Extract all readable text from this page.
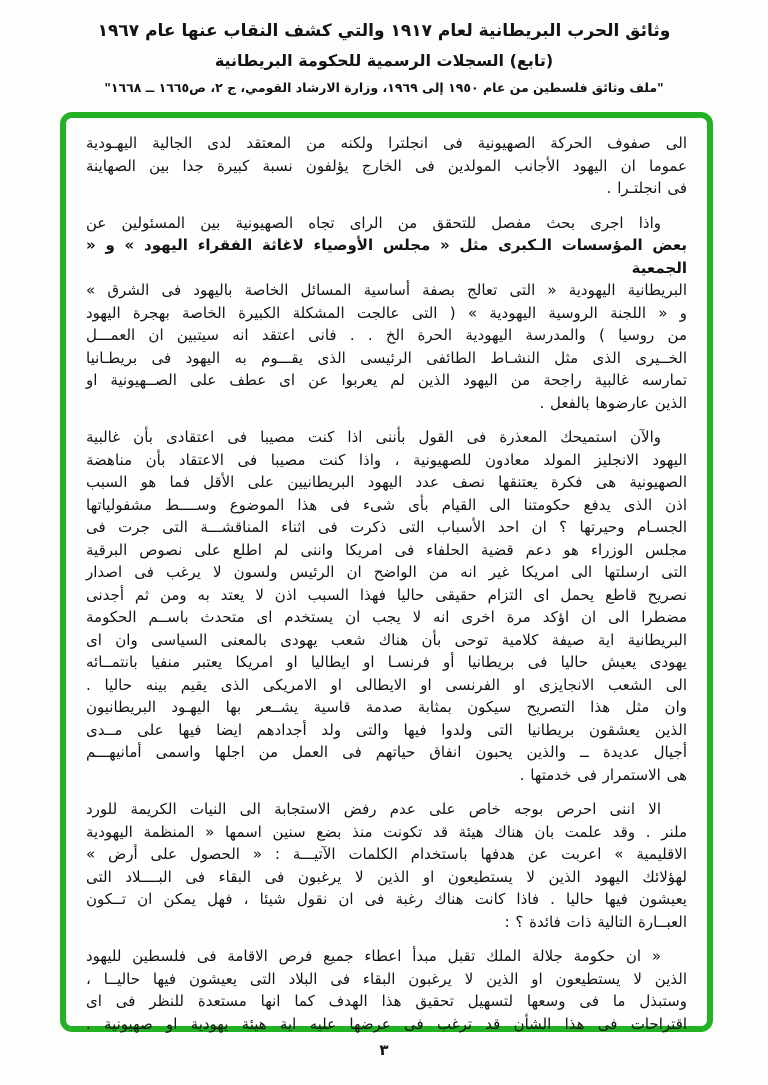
وثائق الحرب البريطانية لعام ١٩١٧ والتي كشف النقاب عنها عام ١٩٦٧
(تابع) السجلات الرسمية للحكومة البريطانية
"ملف وثائق فلسطين من عام ١٩٥٠ إلى ١٩٦٩، وزارة الارشاد القومي، ج ٢، ص١٦٦٥ ــ ١٦٦٨"
الى صفوف الحركة الصهيونية فى انجلترا ولكنه من المعتقد لدى الجالية اليهـودية
عموما ان اليهود الأجانب المولدين فى الخارج يؤلفون نسبة كبيرة جدا بين الصهاينة
فى انجلتـرا .
واذا اجرى بحث مفصل للتحقق من الراى تجاه الصهيونية بين المسئولين عن
بعض المؤسسات الـكبرى مثل « مجلس الأوصياء لاغاثة الفقراء اليهود » و « الجمعية
البريطانية اليهودية « التى تعالج بصفة أساسية المسائل الخاصة باليهود فى الشرق »
و « اللجنة الروسية اليهودية » ( التى عالجت المشكلة الكبيرة الخاصة بهجرة اليهود
من روسيا ) والمدرسة اليهودية الحرة الخ . . فانى اعتقد انه سيتبين ان العمـــل
الخــيرى الذى مثل النشـاط الطائفى الرئيسى الذى يقـــوم به اليهود فى بريطـانيا
تمارسه غالبية راجحة من اليهود الذين لم يعربوا عن اى عطف على الصــهيونية او
الذين عارضوها بالفعل .
والآن استميحك المعذرة فى القول بأننى اذا كنت مصيبا فى اعتقادى بأن غالبية
اليهود الانجليز المولد معادون للصهيونية ، واذا كنت مصيبا فى الاعتقاد بأن مناهضة
الصهيونية هى فكرة يعتنقها نصف عدد اليهود البريطانيين على الأقل فما هو السبب
اذن الذى يدفع حكومتنا الى القيام بأى شىء فى هذا الموضوع وســــط مشفولياتها
الجسـام وحيرتها ؟ ان احد الأسباب التى ذكرت فى اثناء المناقشـــة التى جرت فى
مجلس الوزراء هو دعم قضية الحلفاء فى امريكا واننى لم اطلع على نصوص البرقية
التى ارسلتها الى امريكا غير انه من الواضح ان الرئيس ولسون لا يرغب فى اصدار
نصريح قاطع يحمل اى التزام حقيقى حاليا فهذا السبب اذن لا يعتد به ومن ثم أجدنى
مضطرا الى ان اؤكد مرة اخرى انه لا يجب ان يستخدم اى متحدث باســم الحكومة
البريطانية اية صيفة كلامية توحى بأن هناك شعب يهودى بالمعنى السياسى وان اى
يهودى يعيش حاليا فى بريطانيا أو فرنسـا او ايطاليا او امريكا يعتبر منفيا بانتمــائه
الى الشعب الانجايزى او الفرنسى او الايطالى او الامريكى الذى يقيم بينه حاليا .
وان مثل هذا التصريح سيكون بمثابة صدمة قاسية يشــعر بها اليهـود البريطانيون
الذين يعشقون بريطانيا التى ولدوا فيها والتى ولد أجدادهم ايضا فيها على مــدى
أجيال عديدة ــ والذين يحبون انفاق حياتهم فى العمل من اجلها واسمى أمانيهـــم
هى الاستمرار فى خدمتها .
الا اننى احرص بوجه خاص على عدم رفض الاستجابة الى النيات الكريمة للورد
ملنر . وقد علمت بان هناك هيئة قد تكونت منذ بضع سنين اسمها « المنظمة اليهودية
الاقليمية » اعربت عن هدفها باستخدام الكلمات الآتيـــة : « الحصول على أرض »
لهؤلائك اليهود الذين لا يستطيعون او الذين لا يرغبون فى البقاء فى البــــلاد التى
يعيشون فيها حاليا . فاذا كانت هناك رغبة فى ان نقول شيئا ، فهل يمكن ان تــكون
العبــارة التالية ذات فائدة ؟ :
« ان حكومة جلالة الملك تقبل مبدأ اعطاء جميع فرص الاقامة فى فلسطين لليهود
الذين لا يستطيعون او الذين لا يرغبون البقاء فى البلاد التى يعيشون فيها حاليــا ،
وستبذل ما فى وسعها لتسهيل تحقيق هذا الهدف كما انها مستعدة للنظر فى اى
اقتراحات فى هذا الشأن قد ترغب فى عرضها عليه اية هيئة يهودية او صهيونية .
٣
